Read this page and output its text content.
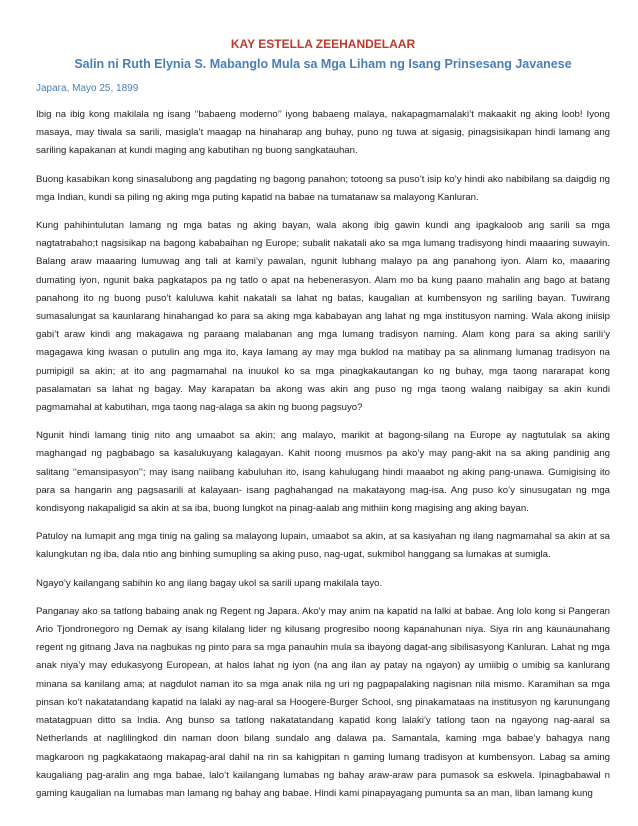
KAY ESTELLA ZEEHANDELAAR
Salin ni Ruth Elynia S. Mabanglo Mula sa Mga Liham ng Isang Prinsesang Javanese

Japara, Mayo 25, 1899

Ibig na ibig kong makilala ng isang ‘‘babaeng moderno’’ iyong babaeng malaya, nakapagmamalaki’t makaakit ng aking loob! Iyong masaya, may tiwala sa sarili, masigla’t maagap na hinaharap ang buhay, puno ng tuwa at sigasig, pinagsisikapan hindi lamang ang sariling kapakanan at kundi maging ang kabutihan ng buong sangkatauhan.

Buong kasabikan kong sinasalubong ang pagdating ng bagong panahon; totoong sa puso’t isip ko’y hindi ako nabibilang sa daigdig ng mga Indian, kundi sa piling ng aking mga puting kapatid na babae na tumatanaw sa malayong Kanluran.

Kung pahihintulutan lamang ng mga batas ng aking bayan, wala akong ibig gawin kundi ang ipagkaloob ang sarili sa mga nagtatrabaho;t nagsisikap na bagong kababaihan ng Europe; subalit nakatali ako sa mga lumang tradisyong hindi maaaring suwayin. Balang araw maaaring lumuwag ang tali at kami’y pawalan, ngunit lubhang malayo pa ang panahong iyon. Alam ko, maaaring dumating iyon, ngunit baka pagkatapos pa ng tatlo o apat na hebenerasyon. Alam mo ba kung paano mahalin ang bago at batang panahong ito ng buong puso’t kaluluwa kahit nakatali sa lahat ng batas, kaugalian at kumbensyon ng sariling bayan. Tuwirang sumasalungat sa kaunlarang hinahangad ko para sa aking mga kababayan ang lahat ng mga institusyon naming. Wala akong iniisip gabi’t araw kindi ang makagawa ng paraang malabanan ang mga lumang tradisyon naming. Alam kong para sa aking sarili’y magagawa king iwasan o putulin ang mga ito, kaya lamang ay may mga buklod na matibay pa sa alinmang lumanag tradisyon na pumipigil sa akin; at ito ang pagmamahal na inuukol ko sa mga pinagkakautangan ko ng buhay, mga taong nararapat kong pasalamatan sa lahat ng bagay. May karapatan ba akong was akin ang puso ng mga taong walang naibigay sa akin kundi pagmamahal at kabutihan, mga taong nag-alaga sa akin ng buong pagsuyo?

Ngunit hindi lamang tinig nito ang umaabot sa akin; ang malayo, marikit at bagong-silang na Europe ay nagtutulak sa aking maghangad ng pagbabago sa kasalukuyang kalagayan. Kahit noong musmos pa ako’y may pang-akit na sa aking pandinig ang salitang ‘‘emansipasyon’’; may isang naiibang kabuluhan ito, isang kahulugang hindi maaabot ng aking pang-unawa. Gumigising ito para sa hangarin ang pagsasarili at kalayaan- isang paghahangad na makatayong mag-isa. Ang puso ko’y sinusugatan ng mga kondisyong nakapaligid sa akin at sa iba, buong lungkot na pinag-aalab ang mithiin kong magising ang aking bayan.

Patuloy na lumapit ang mga tinig na galing sa malayong lupain, umaabot sa akin, at sa kasiyahan ng ilang nagmamahal sa akin at sa kalungkutan ng iba, dala ntio ang binhing sumupling sa aking puso, nag-ugat, sukmibol hanggang sa lumakas at sumigla.

Ngayo’y kailangang sabihin ko ang ilang bagay ukol sa sarili upang makilala tayo.

Panganay ako sa tatlong babaing anak ng Regent ng Japara. Ako’y may anim na kapatid na lalki at babae. Ang lolo kong si Pangeran Ario Tjondronegoro ng Demak ay isang kilalang lider ng kilusang progresibo noong kapanahunan niya. Siya rin ang kaunaunahang regent ng gitnang Java na nagbukas ng pinto para sa mga panauhin mula sa ibayong dagat-ang sibilisasyong Kanluran. Lahat ng mga anak niya’y may edukasyong European, at halos lahat ng iyon (na ang ilan ay patay na ngayon) ay umiibig o umibig sa kanlurang minana sa kanilang ama; at nagdulot naman ito sa mga anak nila ng uri ng pagpapalaking nagisnan nila mismo. Karamihan sa mga pinsan ko’t nakatatandang kapatid na lalaki ay nag-aral sa Hoogere-Burger School, sng pinakamataas na institusyon ng karunungang matatagpuan ditto sa India. Ang bunso sa tatlong nakatatandang kapatid kong lalaki’y tatlong taon na ngayong nag-aaral sa Netherlands at naglilingkod din naman doon bilang sundalo ang dalawa pa. Samantala, kaming mga babae’y bahagya nang magkaroon ng pagkakataong makapag-aral dahil na rin sa kahigpitan n gaming lumang tradisyon at kumbensyon. Labag sa aming kaugaliang pag-aralin ang mga babae, lalo’t kailangang lumabas ng bahay araw-araw para pumasok sa eskwela. Ipinagbabawal n gaming kaugalian na lumabas man lamang ng bahay ang babae. Hindi kami pinapayagang pumunta sa an man, liban lamang kung
